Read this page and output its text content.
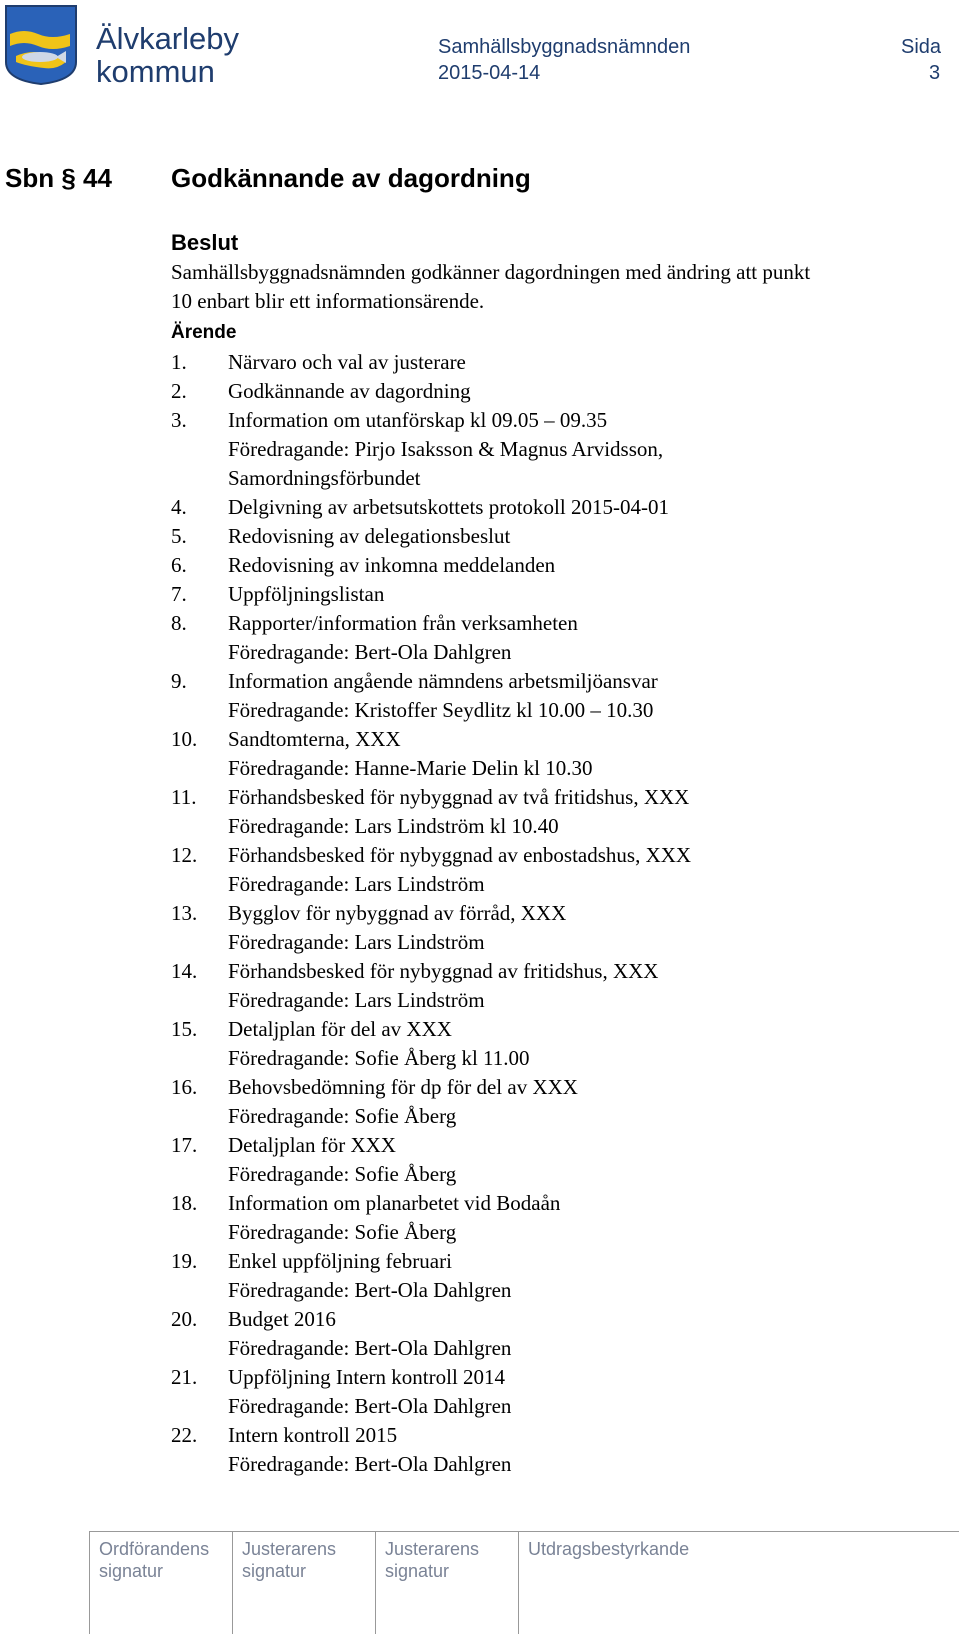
Älvkarleby
kommun
Samhällsbyggnadsnämnden
2015-04-14
Sida
3
Sbn § 44 Godkännande av dagordning
Beslut
Samhällsbyggnadsnämnden godkänner dagordningen med ändring att punkt
10 enbart blir ett informationsärende.
Ärende
1. Närvaro och val av justerare
2. Godkännande av dagordning
3. Information om utanförskap kl 09.05 – 09.35
Föredragande: Pirjo Isaksson & Magnus Arvidsson,
Samordningsförbundet
4. Delgivning av arbetsutskottets protokoll 2015-04-01
5. Redovisning av delegationsbeslut
6. Redovisning av inkomna meddelanden
7. Uppföljningslistan
8. Rapporter/information från verksamheten
Föredragande: Bert-Ola Dahlgren
9. Information angående nämndens arbetsmiljöansvar
Föredragande: Kristoffer Seydlitz kl 10.00 – 10.30
10. Sandtomterna, XXX
Föredragande: Hanne-Marie Delin kl 10.30
11. Förhandsbesked för nybyggnad av två fritidshus, XXX
Föredragande: Lars Lindström kl 10.40
12. Förhandsbesked för nybyggnad av enbostadshus, XXX
Föredragande: Lars Lindström
13. Bygglov för nybyggnad av förråd, XXX
Föredragande: Lars Lindström
14. Förhandsbesked för nybyggnad av fritidshus, XXX
Föredragande: Lars Lindström
15. Detaljplan för del av XXX
Föredragande: Sofie Åberg kl 11.00
16. Behovsbedömning för dp för del av XXX
Föredragande: Sofie Åberg
17. Detaljplan för XXX
Föredragande: Sofie Åberg
18. Information om planarbetet vid Bodaån
Föredragande: Sofie Åberg
19. Enkel uppföljning februari
Föredragande: Bert-Ola Dahlgren
20. Budget 2016
Föredragande: Bert-Ola Dahlgren
21. Uppföljning Intern kontroll 2014
Föredragande: Bert-Ola Dahlgren
22. Intern kontroll 2015
Föredragande: Bert-Ola Dahlgren
Ordförandens
signatur
Justerarens
signatur
Justerarens
signatur
Utdragsbestyrkande
